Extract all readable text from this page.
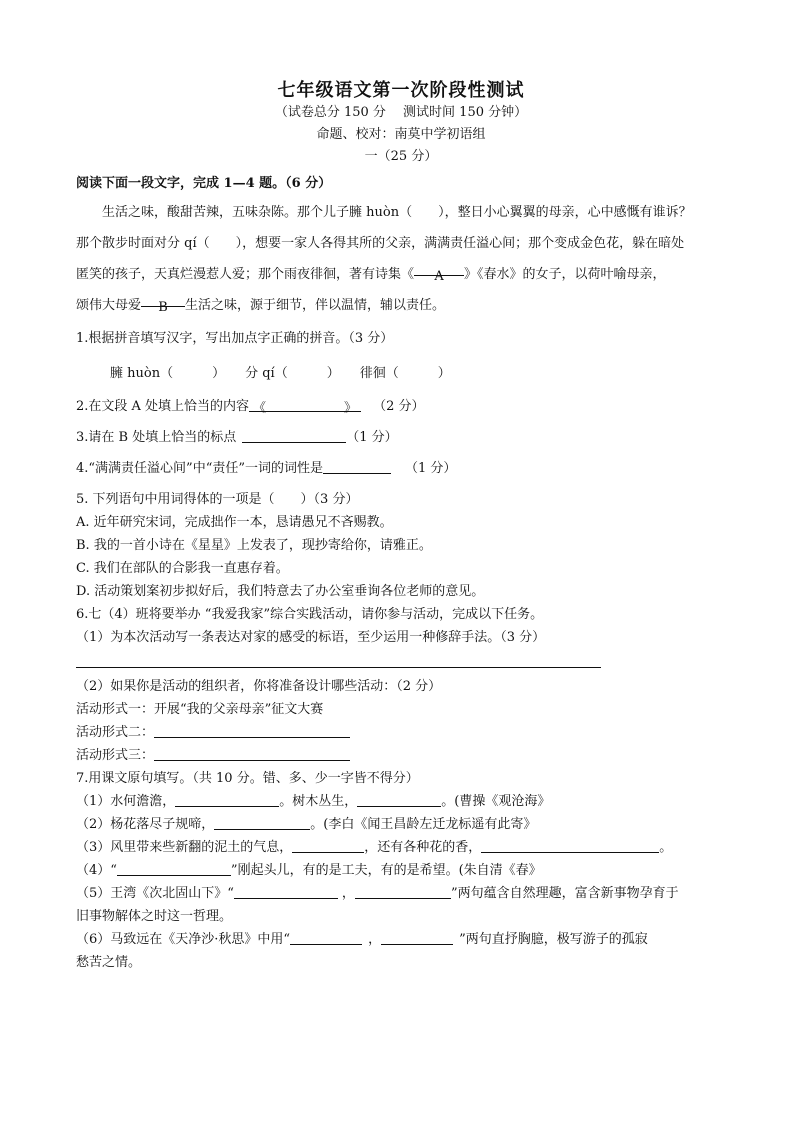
七年级语文第一次阶段性测试
（试卷总分 150 分　 测试时间 150 分钟）
命题、校对：南莫中学初语组
一（25 分）
阅读下面一段文字，完成 1—4 题。（6 分）
生活之味，酸甜苦辣，五味杂陈。那个儿子臃 huòn（　　），整日小心翼翼的母亲，心中感慨有谁诉？
那个散步时面对分 qí（　　），想要一家人各得其所的父亲，满满责任溢心间；那个变成金色花，躲在暗处
匿笑的孩子，天真烂漫惹人爱；那个雨夜徘徊，著有诗集《 A 》《春水》的女子，以荷叶喻母亲，
颂伟大母爱 B 生活之味，源于细节，伴以温情，辅以责任。
1.根据拼音填写汉字，写出加点字正确的拼音。（3 分）
臃 huòn（　　　） 分 qí（　　　） 徘徊（　　　）
2.在文段 A 处填上恰当的内容 《　　　　　　》 （2 分）
3.请在 B 处填上恰当的标点	（1 分）
4.“满满责任溢心间”中“责任”一词的词性是	（1 分）
5. 下列语句中用词得体的一项是（　　）（3 分）
A. 近年研究宋词，完成拙作一本，恳请愚兄不吝赐教。
B. 我的一首小诗在《星星》上发表了，现抄寄给你，请雅正。
C. 我们在部队的合影我一直惠存着。
D. 活动策划案初步拟好后，我们特意去了办公室垂询各位老师的意见。
6.七（4）班将要举办 “我爱我家”综合实践活动，请你参与活动，完成以下任务。
（1）为本次活动写一条表达对家的感受的标语，至少运用一种修辞手法。（3 分）
（2）如果你是活动的组织者，你将准备设计哪些活动：（2 分）
活动形式一：开展“我的父亲母亲”征文大赛
活动形式二：
活动形式三：
7.用课文原句填写。（共 10 分。错、多、少一字皆不得分）
（1）水何澹澹，	。树木丛生，	。(曹操《观沧海》
（2）杨花落尽子规啼，	。(李白《闻王昌龄左迁龙标遥有此寄》
（3）风里带来些新翻的泥土的气息，	，还有各种花的香，	。
（4）“	”刚起头儿，有的是工夫，有的是希望。(朱自清《春》
（5）王湾《次北固山下》“	，	”两句蕴含自然理趣，富含新事物孕育于
旧事物解体之时这一哲理。
（6）马致远在《天净沙·秋思》中用“	，	”两句直抒胸臆，极写游子的孤寂
愁苦之情。
